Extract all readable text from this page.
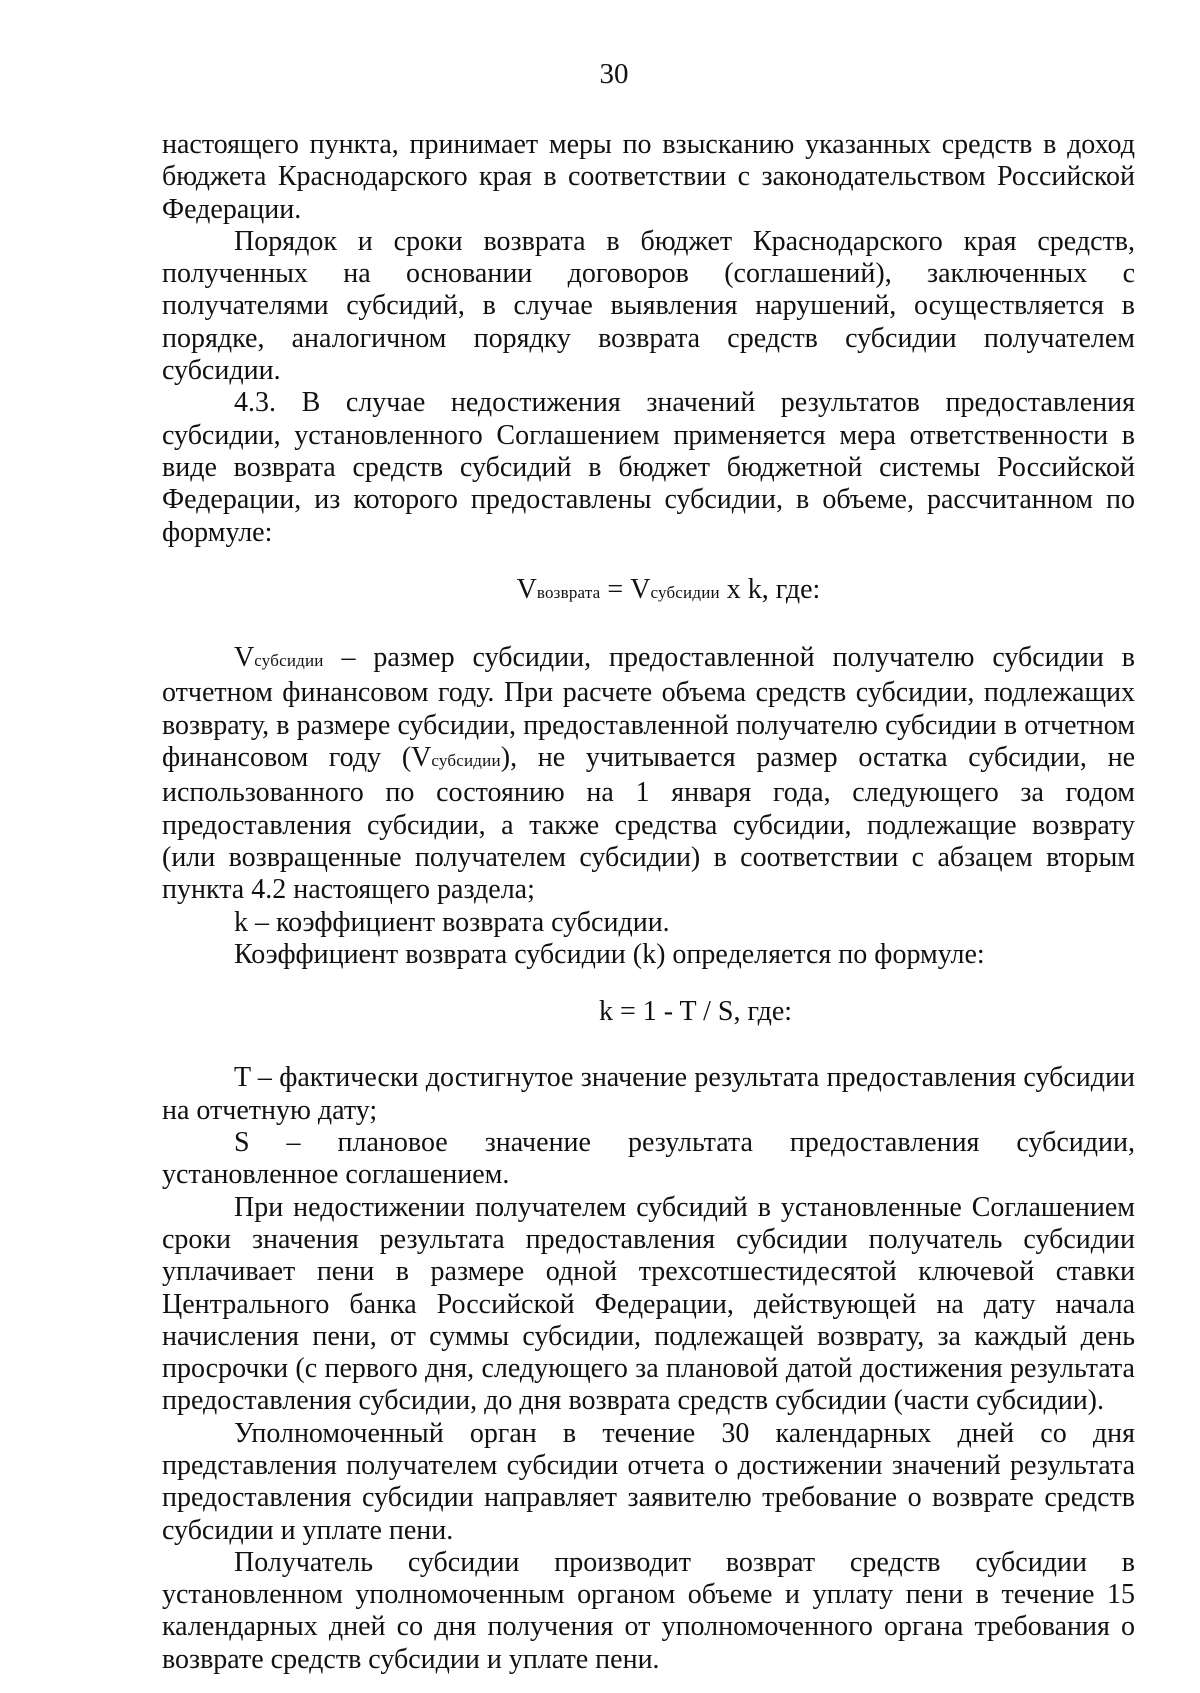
30

настоящего пункта, принимает меры по взысканию указанных средств в доход бюджета Краснодарского края в соответствии с законодательством Российской Федерации.

Порядок и сроки возврата в бюджет Краснодарского края средств, полученных на основании договоров (соглашений), заключенных с получателями субсидий, в случае выявления нарушений, осуществляется в порядке, аналогичном порядку возврата средств субсидии получателем субсидии.

4.3. В случае недостижения значений результатов предоставления субсидии, установленного Соглашением применяется мера ответственности в виде возврата средств субсидий в бюджет бюджетной системы Российской Федерации, из которого предоставлены субсидии, в объеме, рассчитанном по формуле:

Vвозврата = Vсубсидии x k, где:

Vсубсидии – размер субсидии, предоставленной получателю субсидии в отчетном финансовом году. При расчете объема средств субсидии, подлежащих возврату, в размере субсидии, предоставленной получателю субсидии в отчетном финансовом году (Vсубсидии), не учитывается размер остатка субсидии, не использованного по состоянию на 1 января года, следующего за годом предоставления субсидии, а также средства субсидии, подлежащие возврату (или возвращенные получателем субсидии) в соответствии с абзацем вторым пункта 4.2 настоящего раздела;

k – коэффициент возврата субсидии.

Коэффициент возврата субсидии (k) определяется по формуле:

k = 1 - T / S, где:

T – фактически достигнутое значение результата предоставления субсидии на отчетную дату;

S – плановое значение результата предоставления субсидии, установленное соглашением.

При недостижении получателем субсидий в установленные Соглашением сроки значения результата предоставления субсидии получатель субсидии уплачивает пени в размере одной трехсотшестидесятой ключевой ставки Центрального банка Российской Федерации, действующей на дату начала начисления пени, от суммы субсидии, подлежащей возврату, за каждый день просрочки (с первого дня, следующего за плановой датой достижения результата предоставления субсидии, до дня возврата средств субсидии (части субсидии).

Уполномоченный орган в течение 30 календарных дней со дня представления получателем субсидии отчета о достижении значений результата предоставления субсидии направляет заявителю требование о возврате средств субсидии и уплате пени.

Получатель субсидии производит возврат средств субсидии в установленном уполномоченным органом объеме и уплату пени в течение 15 календарных дней со дня получения от уполномоченного органа требования о возврате средств субсидии и уплате пени.
